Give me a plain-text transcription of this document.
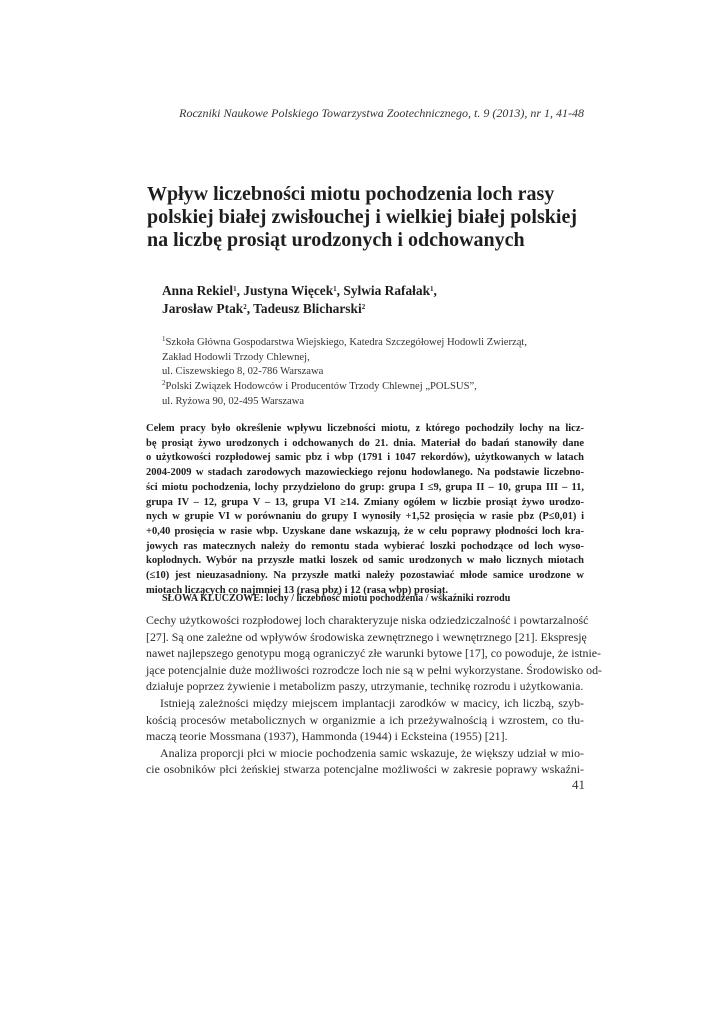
Roczniki Naukowe Polskiego Towarzystwa Zootechnicznego, t. 9 (2013), nr 1, 41-48
Wpływ liczebności miotu pochodzenia loch rasy
polskiej białej zwisłouchej i wielkiej białej polskiej
na liczbę prosiąt urodzonych i odchowanych
Anna Rekiel$^1$, Justyna Więcek$^1$, Sylwia Rafałak$^1$,
Jarosław Ptak$^2$, Tadeusz Blicharski$^2$
$^1$Szkoła Główna Gospodarstwa Wiejskiego, Katedra Szczegółowej Hodowli Zwierząt,
Zakład Hodowli Trzody Chlewnej,
ul. Ciszewskiego 8, 02-786 Warszawa
$^2$Polski Związek Hodowców i Producentów Trzody Chlewnej „POLSUS”,
ul. Ryżowa 90, 02-495 Warszawa
Celem pracy było określenie wpływu liczebności miotu, z którego pochodziły lochy na licz-
bę prosiąt żywo urodzonych i odchowanych do 21. dnia. Materiał do badań stanowiły dane
o użytkowości rozpłodowej samic pbz i wbp (1791 i 1047 rekordów), użytkowanych w latach
2004-2009 w stadach zarodowych mazowieckiego rejonu hodowlanego. Na podstawie liczebno-
ści miotu pochodzenia, lochy przydzielono do grup: grupa I ≤9, grupa II – 10, grupa III – 11,
grupa IV – 12, grupa V – 13, grupa VI ≥14. Zmiany ogółem w liczbie prosiąt żywo urodzo-
nych w grupie VI w porównaniu do grupy I wynosiły +1,52 prosięcia w rasie pbz (P≤0,01) i
+0,40 prosięcia w rasie wbp. Uzyskane dane wskazują, że w celu poprawy płodności loch kra-
jowych ras matecznych należy do remontu stada wybierać loszki pochodzące od loch wyso-
koplodnych. Wybór na przyszłe matki loszek od samic urodzonych w mało licznych miotach
(≤10) jest nieuzasadniony. Na przyszłe matki należy pozostawiać młode samice urodzone w
miotach liczących co najmniej 13 (rasa pbz) i 12 (rasa wbp) prosiąt.
SŁOWA KLUCZOWE: lochy / liczebność miotu pochodzenia / wskaźniki rozrodu
Cechy użytkowości rozpłodowej loch charakteryzuje niska odziedziczalność i powtarzalność
[27]. Są one zależne od wpływów środowiska zewnętrznego i wewnętrznego [21]. Ekspresję
nawet najlepszego genotypu mogą ograniczyć złe warunki bytowe [17], co powoduje, że istnie-
jące potencjalnie duże możliwości rozrodcze loch nie są w pełni wykorzystane. Środowisko od-
działuje poprzez żywienie i metabolizm paszy, utrzymanie, technikę rozrodu i użytkowania.
Istnieją zależności między miejscem implantacji zarodków w macicy, ich liczbą, szyb-
kością procesów metabolicznych w organizmie a ich przeżywalnością i wzrostem, co tłu-
maczą teorie Mossmana (1937), Hammonda (1944) i Ecksteina (1955) [21].
Analiza proporcji płci w miocie pochodzenia samic wskazuje, że większy udział w mio-
cie osobników płci żeńskiej stwarza potencjalne możliwości w zakresie poprawy wskaźni-
41
